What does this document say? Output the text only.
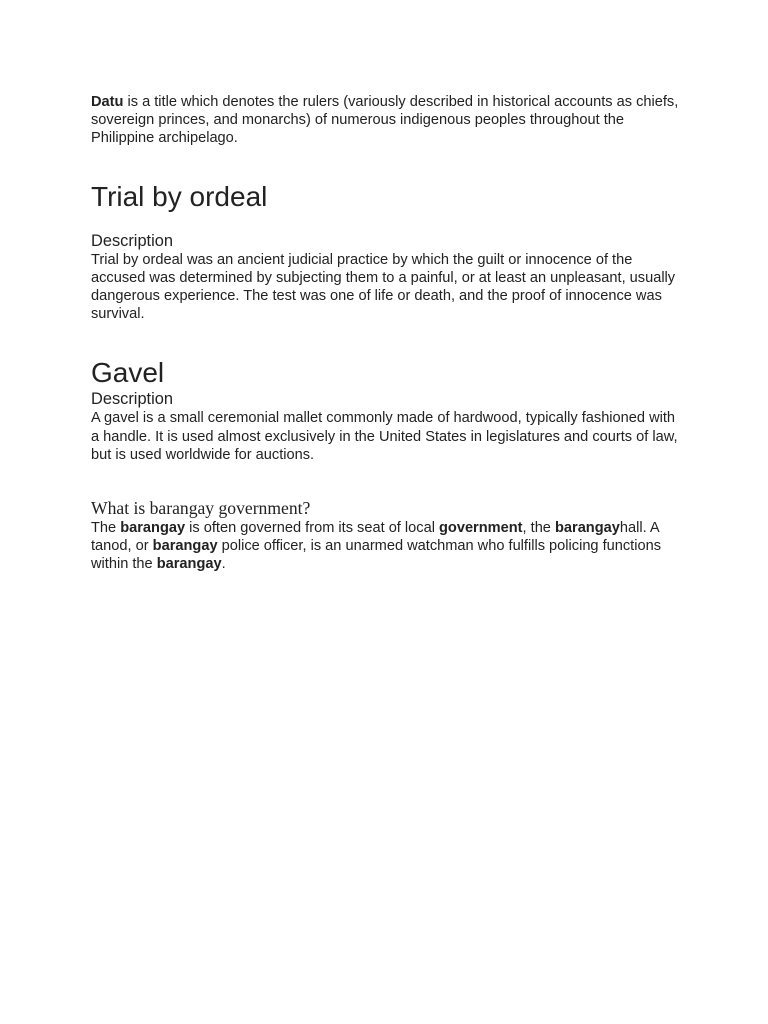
Datu is a title which denotes the rulers (variously described in historical accounts as chiefs, sovereign princes, and monarchs) of numerous indigenous peoples throughout the Philippine archipelago.

Trial by ordeal
Description

Trial by ordeal was an ancient judicial practice by which the guilt or innocence of the accused was determined by subjecting them to a painful, or at least an unpleasant, usually dangerous experience. The test was one of life or death, and the proof of innocence was survival.

Gavel
Description

A gavel is a small ceremonial mallet commonly made of hardwood, typically fashioned with a handle. It is used almost exclusively in the United States in legislatures and courts of law, but is used worldwide for auctions.

What is barangay government?

The barangay is often governed from its seat of local government, the barangayhall. A tanod, or barangay police officer, is an unarmed watchman who fulfills policing functions within the barangay.
